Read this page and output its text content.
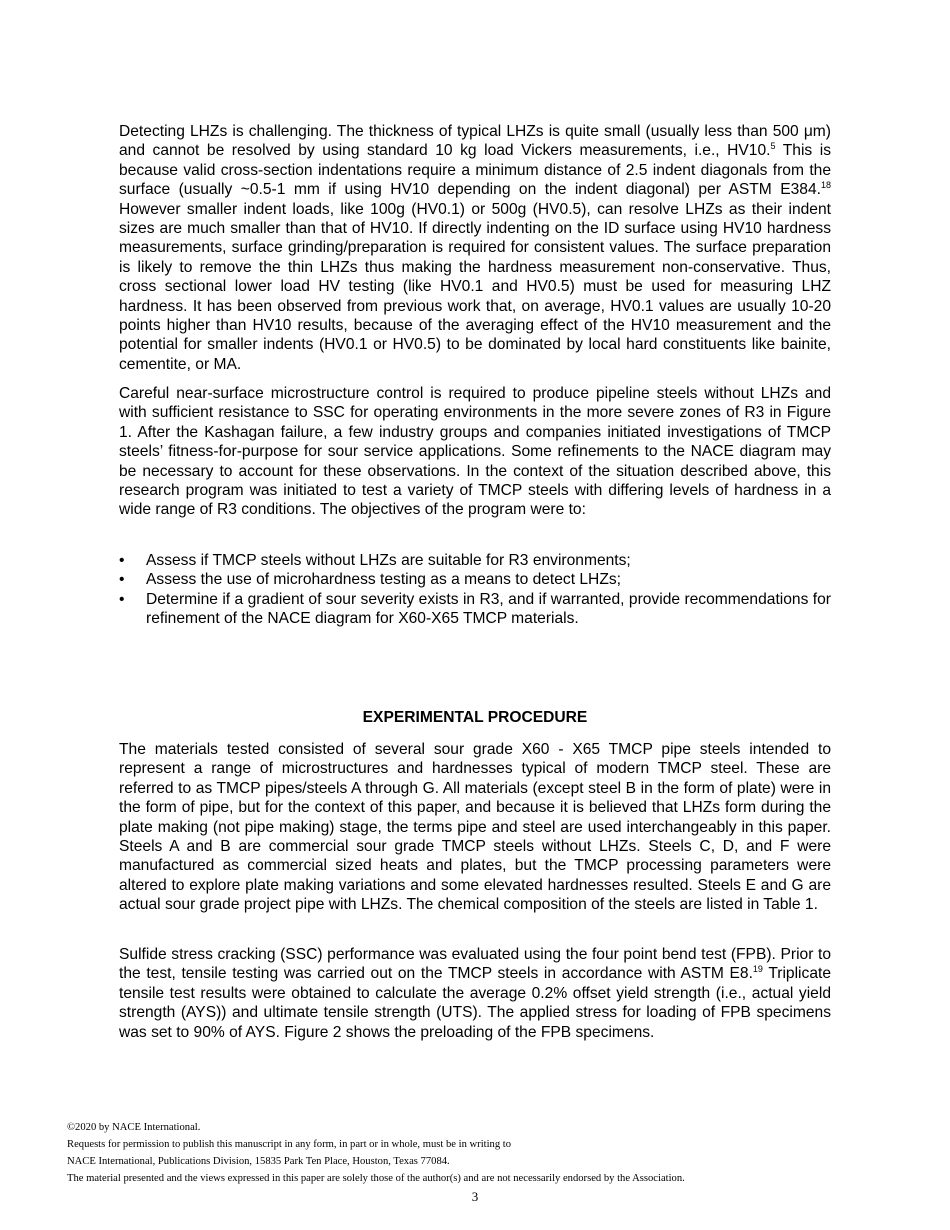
Detecting LHZs is challenging. The thickness of typical LHZs is quite small (usually less than 500 μm) and cannot be resolved by using standard 10 kg load Vickers measurements, i.e., HV10.$^5$ This is because valid cross-section indentations require a minimum distance of 2.5 indent diagonals from the surface (usually ~0.5-1 mm if using HV10 depending on the indent diagonal) per ASTM E384.18 However smaller indent loads, like 100g (HV0.1) or 500g (HV0.5), can resolve LHZs as their indent sizes are much smaller than that of HV10. If directly indenting on the ID surface using HV10 hardness measurements, surface grinding/preparation is required for consistent values. The surface preparation is likely to remove the thin LHZs thus making the hardness measurement non-conservative. Thus, cross sectional lower load HV testing (like HV0.1 and HV0.5) must be used for measuring LHZ hardness. It has been observed from previous work that, on average, HV0.1 values are usually 10-20 points higher than HV10 results, because of the averaging effect of the HV10 measurement and the potential for smaller indents (HV0.1 or HV0.5) to be dominated by local hard constituents like bainite, cementite, or MA.

Careful near-surface microstructure control is required to produce pipeline steels without LHZs and with sufficient resistance to SSC for operating environments in the more severe zones of R3 in Figure 1. After the Kashagan failure, a few industry groups and companies initiated investigations of TMCP steels’ fitness-for-purpose for sour service applications. Some refinements to the NACE diagram may be necessary to account for these observations. In the context of the situation described above, this research program was initiated to test a variety of TMCP steels with differing levels of hardness in a wide range of R3 conditions. The objectives of the program were to:

• Assess if TMCP steels without LHZs are suitable for R3 environments;
• Assess the use of microhardness testing as a means to detect LHZs;
• Determine if a gradient of sour severity exists in R3, and if warranted, provide recommendations for refinement of the NACE diagram for X60-X65 TMCP materials.
EXPERIMENTAL PROCEDURE

The materials tested consisted of several sour grade X60 - X65 TMCP pipe steels intended to represent a range of microstructures and hardnesses typical of modern TMCP steel. These are referred to as TMCP pipes/steels A through G. All materials (except steel B in the form of plate) were in the form of pipe, but for the context of this paper, and because it is believed that LHZs form during the plate making (not pipe making) stage, the terms pipe and steel are used interchangeably in this paper. Steels A and B are commercial sour grade TMCP steels without LHZs. Steels C, D, and F were manufactured as commercial sized heats and plates, but the TMCP processing parameters were altered to explore plate making variations and some elevated hardnesses resulted. Steels E and G are actual sour grade project pipe with LHZs. The chemical composition of the steels are listed in Table 1.

Sulfide stress cracking (SSC) performance was evaluated using the four point bend test (FPB). Prior to the test, tensile testing was carried out on the TMCP steels in accordance with ASTM E8.19 Triplicate tensile test results were obtained to calculate the average 0.2% offset yield strength (i.e., actual yield strength (AYS)) and ultimate tensile strength (UTS). The applied stress for loading of FPB specimens was set to 90% of AYS. Figure 2 shows the preloading of the FPB specimens.

©2020 by NACE International.
Requests for permission to publish this manuscript in any form, in part or in whole, must be in writing to
NACE International, Publications Division, 15835 Park Ten Place, Houston, Texas 77084.
The material presented and the views expressed in this paper are solely those of the author(s) and are not necessarily endorsed by the Association.
3
